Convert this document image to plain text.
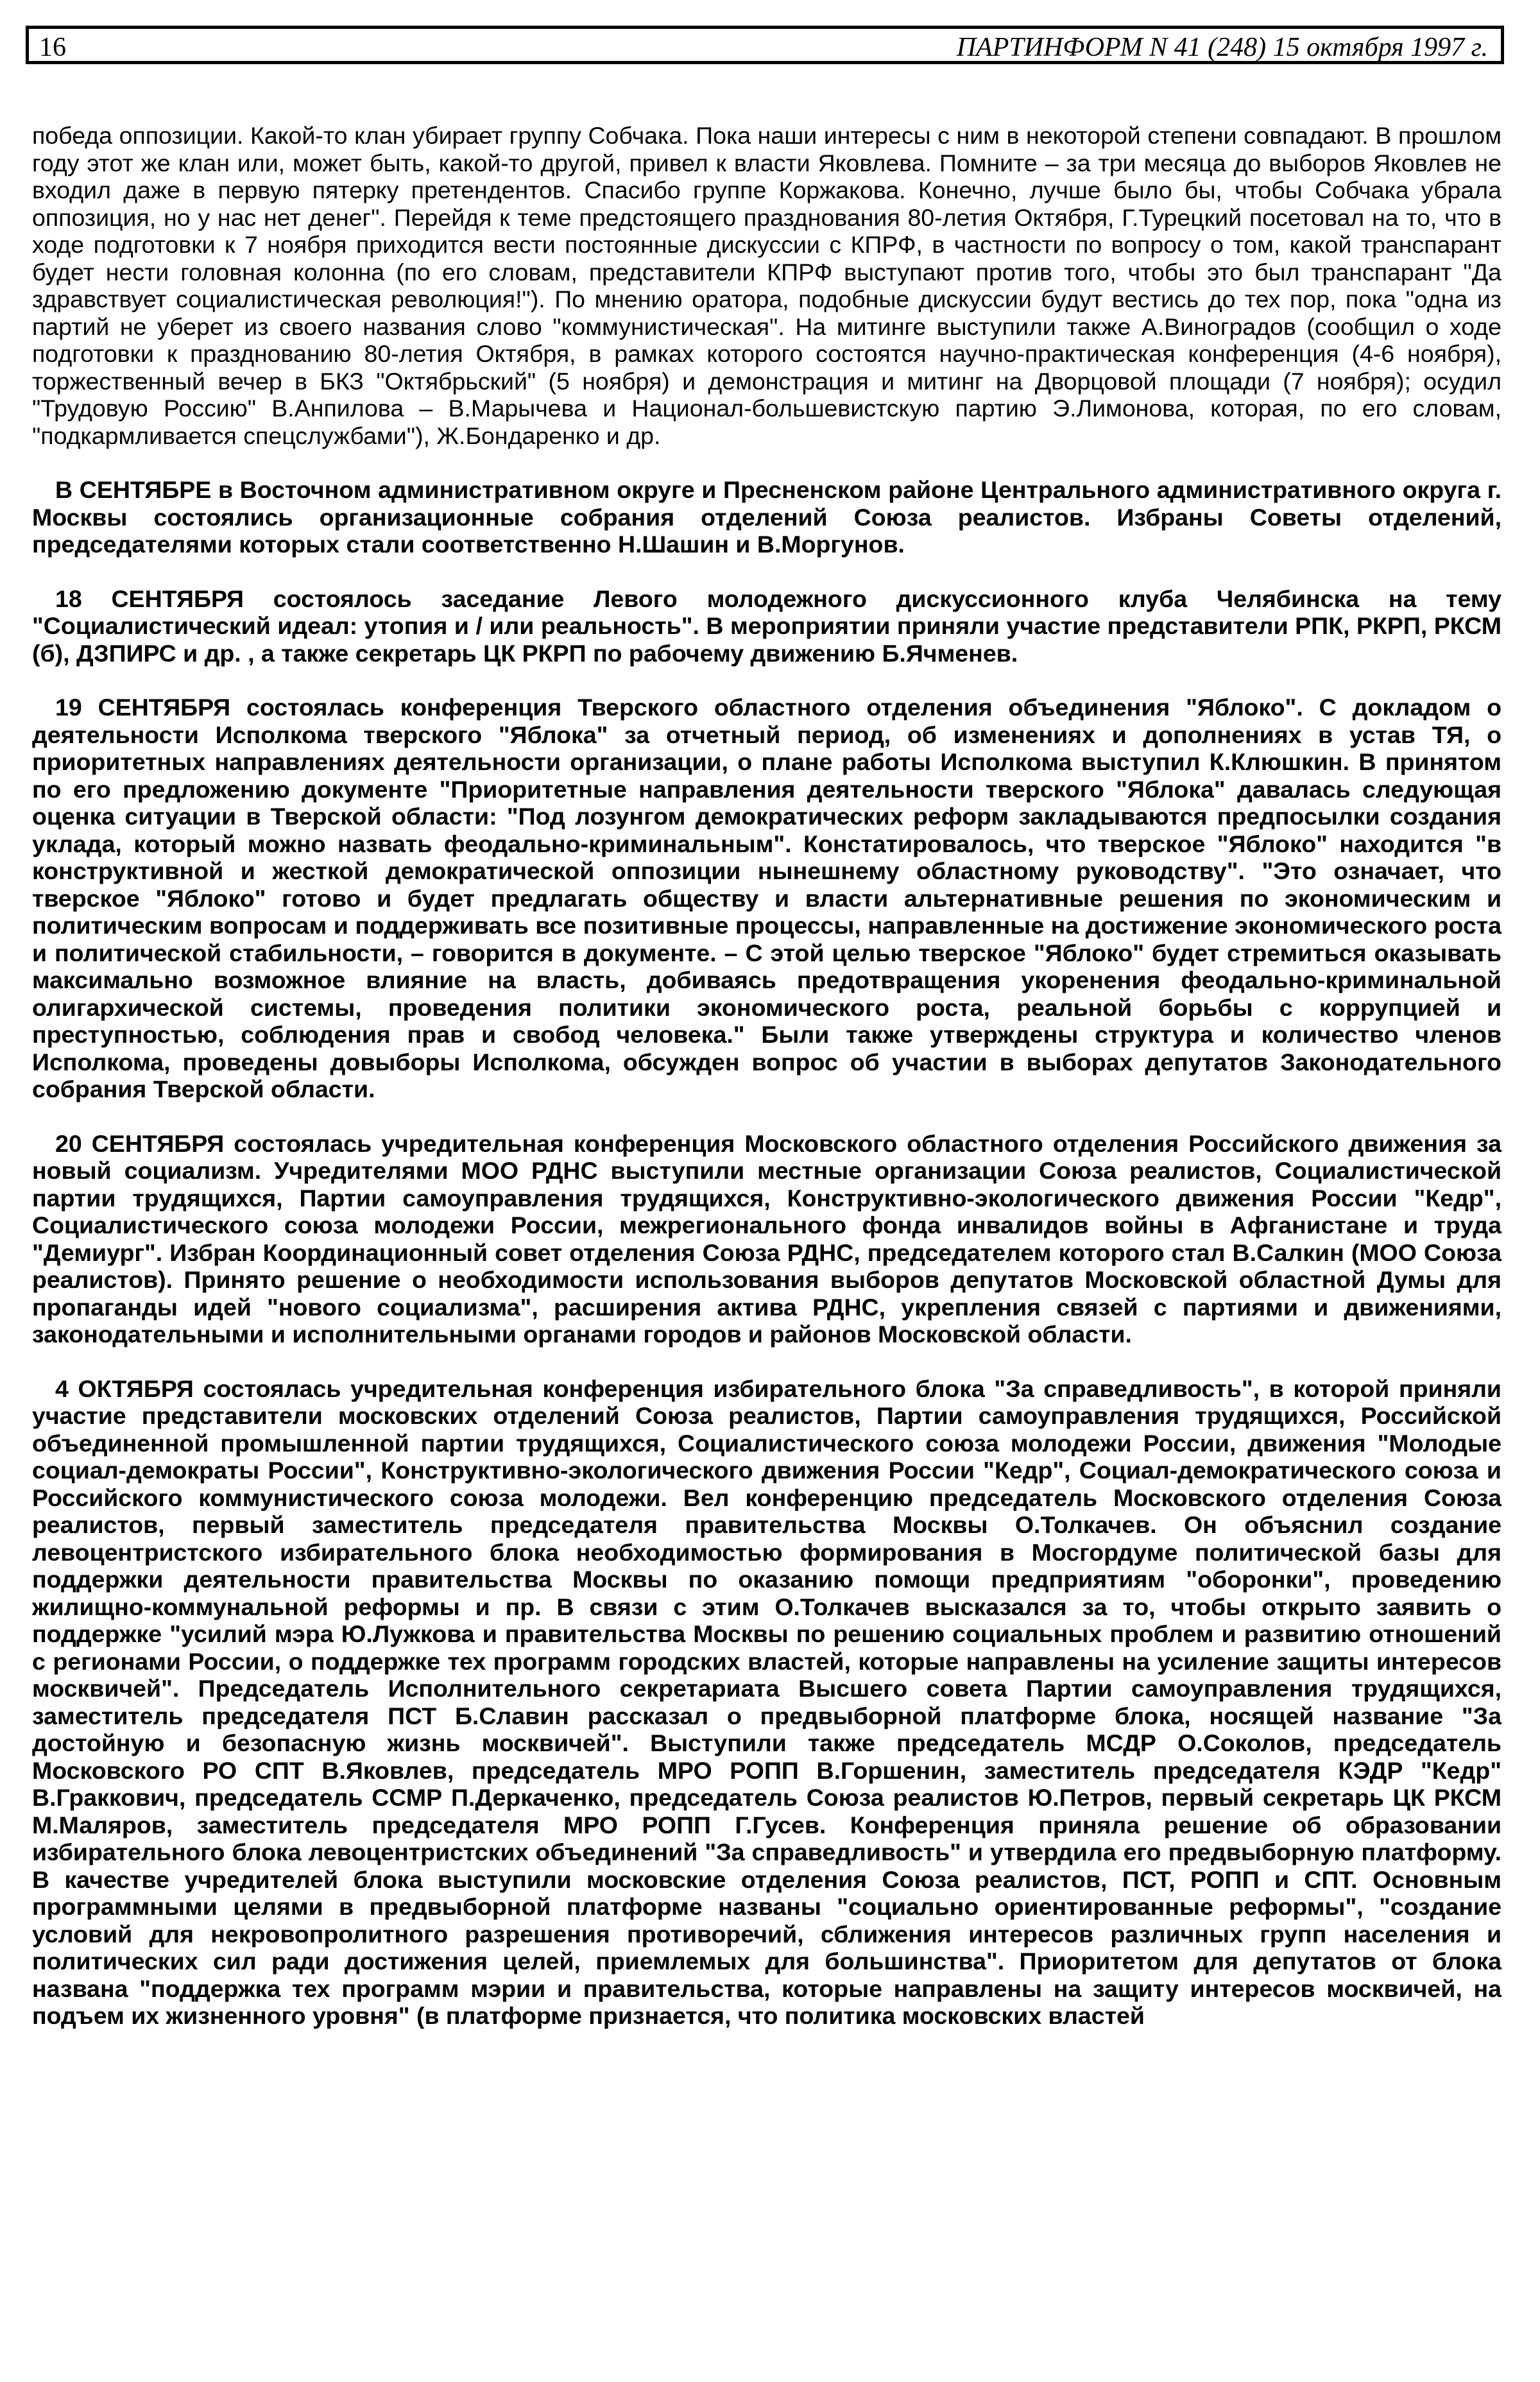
16	ПАРТИНФОРМ N 41 (248) 15 октября 1997 г.

победа оппозиции. Какой-то клан убирает группу Собчака. Пока наши интересы с ним в некоторой степени совпадают. В прошлом году этот же клан или, может быть, какой-то другой, привел к власти Яковлева. Помните – за три месяца до выборов Яковлев не входил даже в первую пятерку претендентов. Спасибо группе Коржакова. Конечно, лучше было бы, чтобы Собчака убрала оппозиция, но у нас нет денег". Перейдя к теме предстоящего празднования 80-летия Октября, Г.Турецкий посетовал на то, что в ходе подготовки к 7 ноября приходится вести постоянные дискуссии с КПРФ, в частности по вопросу о том, какой транспарант будет нести головная колонна (по его словам, представители КПРФ выступают против того, чтобы это был транспарант "Да здравствует социалистическая революция!"). По мнению оратора, подобные дискуссии будут вестись до тех пор, пока "одна из партий не уберет из своего названия слово "коммунистическая". На митинге выступили также А.Виноградов (сообщил о ходе подготовки к празднованию 80-летия Октября, в рамках которого состоятся научно-практическая конференция (4-6 ноября), торжественный вечер в БКЗ "Октябрьский" (5 ноября) и демонстрация и митинг на Дворцовой площади (7 ноября); осудил "Трудовую Россию" В.Анпилова – В.Марычева и Национал-большевистскую партию Э.Лимонова, которая, по его словам, "подкармливается спецслужбами"), Ж.Бондаренко и др.

В СЕНТЯБРЕ в Восточном административном округе и Пресненском районе Центрального административного округа г. Москвы состоялись организационные собрания отделений Союза реалистов. Избраны Советы отделений, председателями которых стали соответственно Н.Шашин и В.Моргунов.

18 СЕНТЯБРЯ состоялось заседание Левого молодежного дискуссионного клуба Челябинска на тему "Социалистический идеал: утопия и / или реальность". В мероприятии приняли участие представители РПК, РКРП, РКСМ (б), ДЗПИРС и др. , а также секретарь ЦК РКРП по рабочему движению Б.Ячменев.

19 СЕНТЯБРЯ состоялась конференция Тверского областного отделения объединения "Яблоко". С докладом о деятельности Исполкома тверского "Яблока" за отчетный период, об изменениях и дополнениях в устав ТЯ, о приоритетных направлениях деятельности организации, о плане работы Исполкома выступил К.Клюшкин. В принятом по его предложению документе "Приоритетные направления деятельности тверского "Яблока" давалась следующая оценка ситуации в Тверской области: "Под лозунгом демократических реформ закладываются предпосылки создания уклада, который можно назвать феодально-криминальным". Констатировалось, что тверское "Яблоко" находится "в конструктивной и жесткой демократической оппозиции нынешнему областному руководству". "Это означает, что тверское "Яблоко" готово и будет предлагать обществу и власти альтернативные решения по экономическим и политическим вопросам и поддерживать все позитивные процессы, направленные на достижение экономического роста и политической стабильности, – говорится в документе. – С этой целью тверское "Яблоко" будет стремиться оказывать максимально возможное влияние на власть, добиваясь предотвращения укоренения феодально-криминальной олигархической системы, проведения политики экономического роста, реальной борьбы с коррупцией и преступностью, соблюдения прав и свобод человека." Были также утверждены структура и количество членов Исполкома, проведены довыборы Исполкома, обсужден вопрос об участии в выборах депутатов Законодательного собрания Тверской области.

20 СЕНТЯБРЯ состоялась учредительная конференция Московского областного отделения Российского движения за новый социализм. Учредителями МОО РДНС выступили местные организации Союза реалистов, Социалистической партии трудящихся, Партии самоуправления трудящихся, Конструктивно-экологического движения России "Кедр", Социалистического союза молодежи России, межрегионального фонда инвалидов войны в Афганистане и труда "Демиург". Избран Координационный совет отделения Союза РДНС, председателем которого стал В.Салкин (МОО Союза реалистов). Принято решение о необходимости использования выборов депутатов Московской областной Думы для пропаганды идей "нового социализма", расширения актива РДНС, укрепления связей с партиями и движениями, законодательными и исполнительными органами городов и районов Московской области.

4 ОКТЯБРЯ состоялась учредительная конференция избирательного блока "За справедливость", в которой приняли участие представители московских отделений Союза реалистов, Партии самоуправления трудящихся, Российской объединенной промышленной партии трудящихся, Социалистического союза молодежи России, движения "Молодые социал-демократы России", Конструктивно-экологического движения России "Кедр", Социал-демократического союза и Российского коммунистического союза молодежи. Вел конференцию председатель Московского отделения Союза реалистов, первый заместитель председателя правительства Москвы О.Толкачев. Он объяснил создание левоцентристского избирательного блока необходимостью формирования в Мосгордуме политической базы для поддержки деятельности правительства Москвы по оказанию помощи предприятиям "оборонки", проведению жилищно-коммунальной реформы и пр. В связи с этим О.Толкачев высказался за то, чтобы открыто заявить о поддержке "усилий мэра Ю.Лужкова и правительства Москвы по решению социальных проблем и развитию отношений с регионами России, о поддержке тех программ городских властей, которые направлены на усиление защиты интересов москвичей". Председатель Исполнительного секретариата Высшего совета Партии самоуправления трудящихся, заместитель председателя ПСТ Б.Славин рассказал о предвыборной платформе блока, носящей название "За достойную и безопасную жизнь москвичей". Выступили также председатель МСДР О.Соколов, председатель Московского РО СПТ В.Яковлев, председатель МРО РОПП В.Горшенин, заместитель председателя КЭДР "Кедр" В.Граккович, председатель ССМР П.Деркаченко, председатель Союза реалистов Ю.Петров, первый секретарь ЦК РКСМ М.Маляров, заместитель председателя МРО РОПП Г.Гусев. Конференция приняла решение об образовании избирательного блока левоцентристских объединений "За справедливость" и утвердила его предвыборную платформу. В качестве учредителей блока выступили московские отделения Союза реалистов, ПСТ, РОПП и СПТ. Основным программными целями в предвыборной платформе названы "социально ориентированные реформы", "создание условий для некровопролитного разрешения противоречий, сближения интересов различных групп населения и политических сил ради достижения целей, приемлемых для большинства". Приоритетом для депутатов от блока названа "поддержка тех программ мэрии и правительства, которые направлены на защиту интересов москвичей, на подъем их жизненного уровня" (в платформе признается, что политика московских властей
